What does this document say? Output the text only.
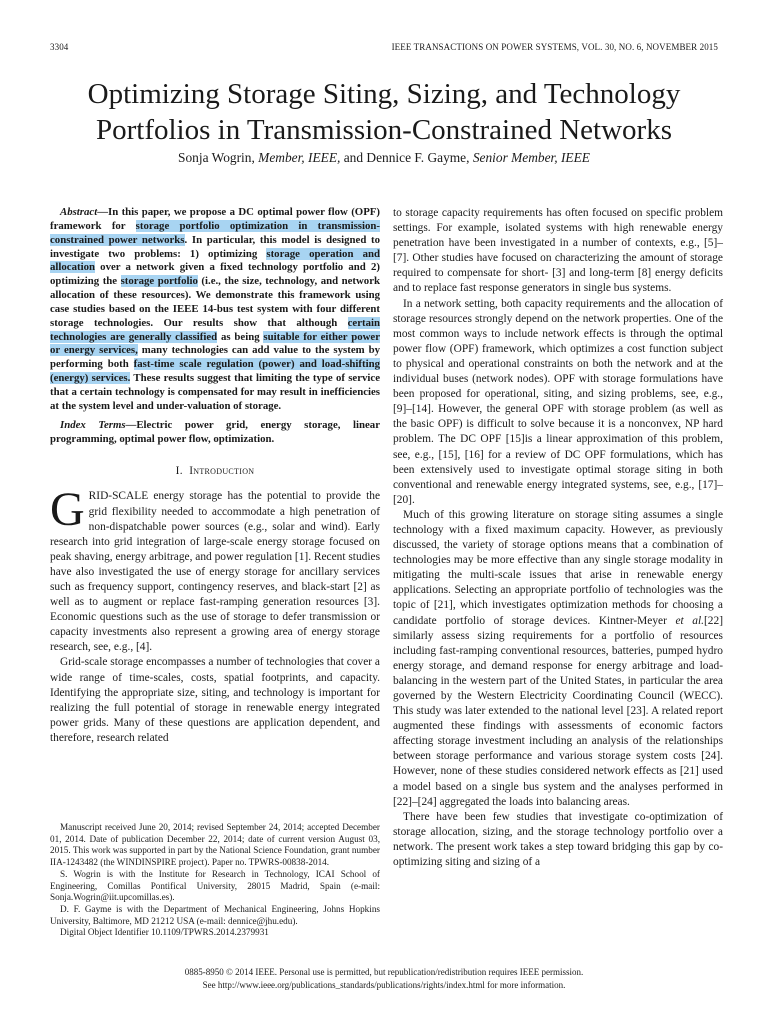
3304	IEEE TRANSACTIONS ON POWER SYSTEMS, VOL. 30, NO. 6, NOVEMBER 2015
Optimizing Storage Siting, Sizing, and Technology
Portfolios in Transmission-Constrained Networks
Sonja Wogrin, Member, IEEE, and Dennice F. Gayme, Senior Member, IEEE

Abstract—In this paper, we propose a DC optimal power flow (OPF) framework for storage portfolio optimization in transmission-constrained power networks. In particular, this model is designed to investigate two problems: 1) optimizing storage operation and allocation over a network given a fixed technology portfolio and 2) optimizing the storage portfolio (i.e., the size, technology, and network allocation of these resources). We demonstrate this framework using case studies based on the IEEE 14-bus test system with four different storage technologies. Our results show that although certain technologies are generally classified as being suitable for either power or energy services, many technologies can add value to the system by performing both fast-time scale regulation (power) and load-shifting (energy) services. These results suggest that limiting the type of service that a certain technology is compensated for may result in inefficiencies at the system level and under-valuation of storage.

Index Terms—Electric power grid, energy storage, linear programming, optimal power flow, optimization.

I. Introduction

GRID-SCALE energy storage has the potential to provide the grid flexibility needed to accommodate a high penetration of non-dispatchable power sources (e.g., solar and wind). Early research into grid integration of large-scale energy storage focused on peak shaving, energy arbitrage, and power regulation [1]. Recent studies have also investigated the use of energy storage for ancillary services such as frequency support, contingency reserves, and black-start [2] as well as to augment or replace fast-ramping generation resources [3]. Economic questions such as the use of storage to defer transmission or capacity investments also represent a growing area of energy storage research, see, e.g., [4].

Grid-scale storage encompasses a number of technologies that cover a wide range of time-scales, costs, spatial footprints, and capacity. Identifying the appropriate size, siting, and technology is important for realizing the full potential of storage in renewable energy integrated power grids. Many of these questions are application dependent, and therefore, research related

Manuscript received June 20, 2014; revised September 24, 2014; accepted December 01, 2014. Date of publication December 22, 2014; date of current version August 03, 2015. This work was supported in part by the National Science Foundation, grant number IIA-1243482 (the WINDINSPIRE project). Paper no. TPWRS-00838-2014.

S. Wogrin is with the Institute for Research in Technology, ICAI School of Engineering, Comillas Pontifical University, 28015 Madrid, Spain (e-mail: Sonja.Wogrin@iit.upcomillas.es).

D. F. Gayme is with the Department of Mechanical Engineering, Johns Hopkins University, Baltimore, MD 21212 USA (e-mail: dennice@jhu.edu).

Digital Object Identifier 10.1109/TPWRS.2014.2379931

to storage capacity requirements has often focused on specific problem settings. For example, isolated systems with high renewable energy penetration have been investigated in a number of contexts, e.g., [5]–[7]. Other studies have focused on characterizing the amount of storage required to compensate for short- [3] and long-term [8] energy deficits and to replace fast response generators in single bus systems.

In a network setting, both capacity requirements and the allocation of storage resources strongly depend on the network properties. One of the most common ways to include network effects is through the optimal power flow (OPF) framework, which optimizes a cost function subject to physical and operational constraints on both the network and at the individual buses (network nodes). OPF with storage formulations have been proposed for operational, siting, and sizing problems, see, e.g., [9]–[14]. However, the general OPF with storage problem (as well as the basic OPF) is difficult to solve because it is a nonconvex, NP hard problem. The DC OPF [15]is a linear approximation of this problem, see, e.g., [15], [16] for a review of DC OPF formulations, which has been extensively used to investigate optimal storage siting in both conventional and renewable energy integrated systems, see, e.g., [17]–[20].

Much of this growing literature on storage siting assumes a single technology with a fixed maximum capacity. However, as previously discussed, the variety of storage options means that a combination of technologies may be more effective than any single storage modality in mitigating the multi-scale issues that arise in renewable energy applications. Selecting an appropriate portfolio of technologies was the topic of [21], which investigates optimization methods for choosing a candidate portfolio of storage devices. Kintner-Meyer et al.[22] similarly assess sizing requirements for a portfolio of resources including fast-ramping conventional resources, batteries, pumped hydro energy storage, and demand response for energy arbitrage and load-balancing in the western part of the United States, in particular the area governed by the Western Electricity Coordinating Council (WECC). This study was later extended to the national level [23]. A related report augmented these findings with assessments of economic factors affecting storage investment including an analysis of the relationships between storage performance and various storage system costs [24]. However, none of these studies considered network effects as [21] used a model based on a single bus system and the analyses performed in [22]–[24] aggregated the loads into balancing areas.

There have been few studies that investigate co-optimization of storage allocation, sizing, and the storage technology portfolio over a network. The present work takes a step toward bridging this gap by co-optimizing siting and sizing of a

0885-8950 © 2014 IEEE. Personal use is permitted, but republication/redistribution requires IEEE permission.
See http://www.ieee.org/publications_standards/publications/rights/index.html for more information.
